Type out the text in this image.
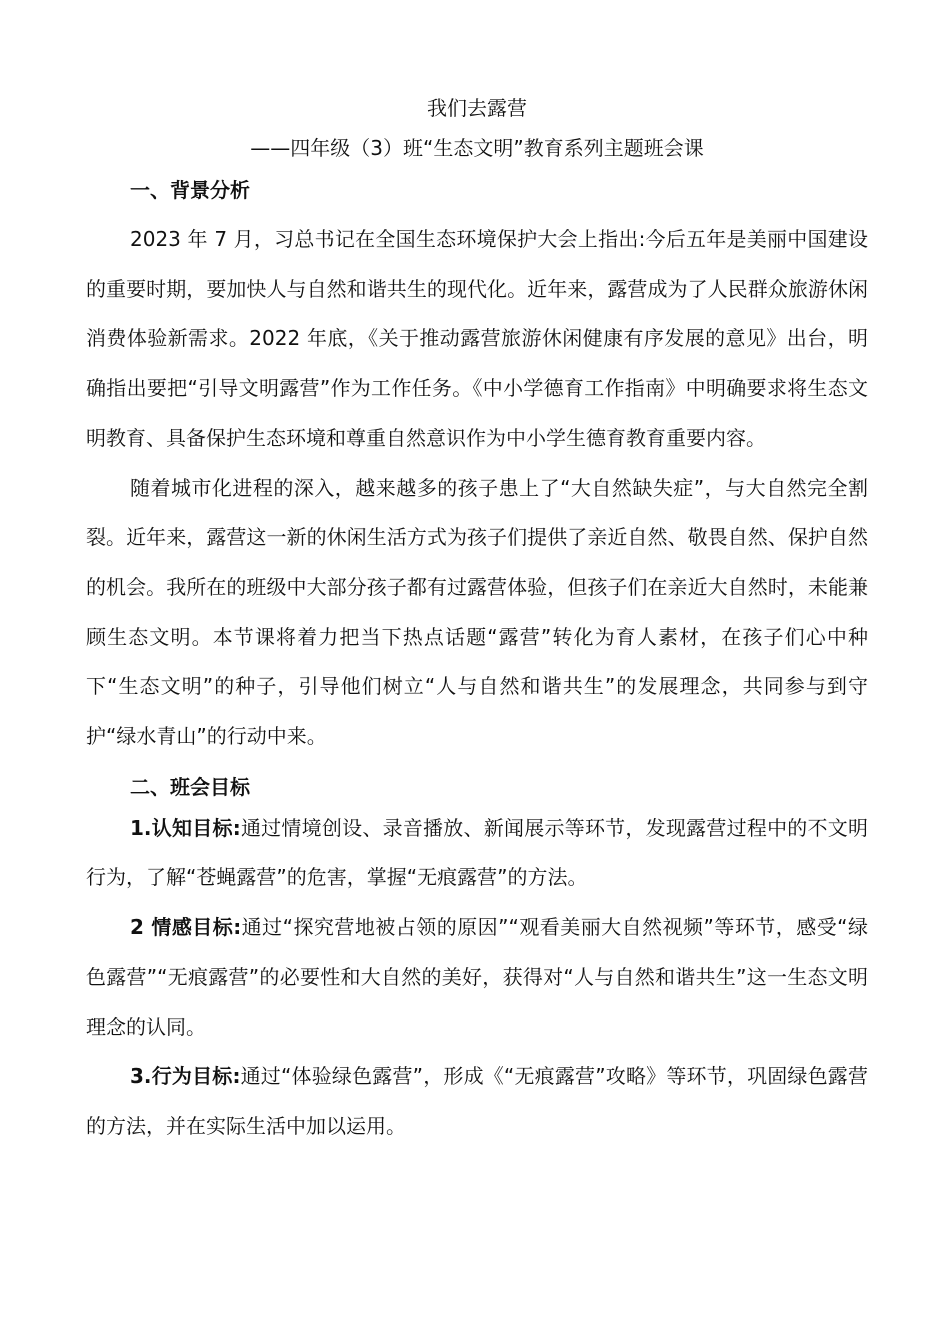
我们去露营
——四年级（3）班“生态文明”教育系列主题班会课
一、背景分析

2023 年 7 月，习总书记在全国生态环境保护大会上指出:今后五年是美丽中国建设的重要时期，要加快人与自然和谐共生的现代化。近年来，露营成为了人民群众旅游休闲消费体验新需求。2022 年底，《关于推动露营旅游休闲健康有序发展的意见》出台，明确指出要把“引导文明露营”作为工作任务。《中小学德育工作指南》中明确要求将生态文明教育、具备保护生态环境和尊重自然意识作为中小学生德育教育重要内容。

随着城市化进程的深入，越来越多的孩子患上了“大自然缺失症”，与大自然完全割裂。近年来，露营这一新的休闲生活方式为孩子们提供了亲近自然、敬畏自然、保护自然的机会。我所在的班级中大部分孩子都有过露营体验，但孩子们在亲近大自然时，未能兼顾生态文明。本节课将着力把当下热点话题“露营”转化为育人素材，在孩子们心中种下“生态文明”的种子，引导他们树立“人与自然和谐共生”的发展理念，共同参与到守护“绿水青山”的行动中来。

二、班会目标

1.认知目标:通过情境创设、录音播放、新闻展示等环节，发现露营过程中的不文明行为，了解“苍蝇露营”的危害，掌握“无痕露营”的方法。

2 情感目标:通过“探究营地被占领的原因”“观看美丽大自然视频”等环节，感受“绿色露营”“无痕露营”的必要性和大自然的美好，获得对“人与自然和谐共生”这一生态文明理念的认同。

3.行为目标:通过“体验绿色露营”，形成《“无痕露营”攻略》等环节，巩固绿色露营的方法，并在实际生活中加以运用。
